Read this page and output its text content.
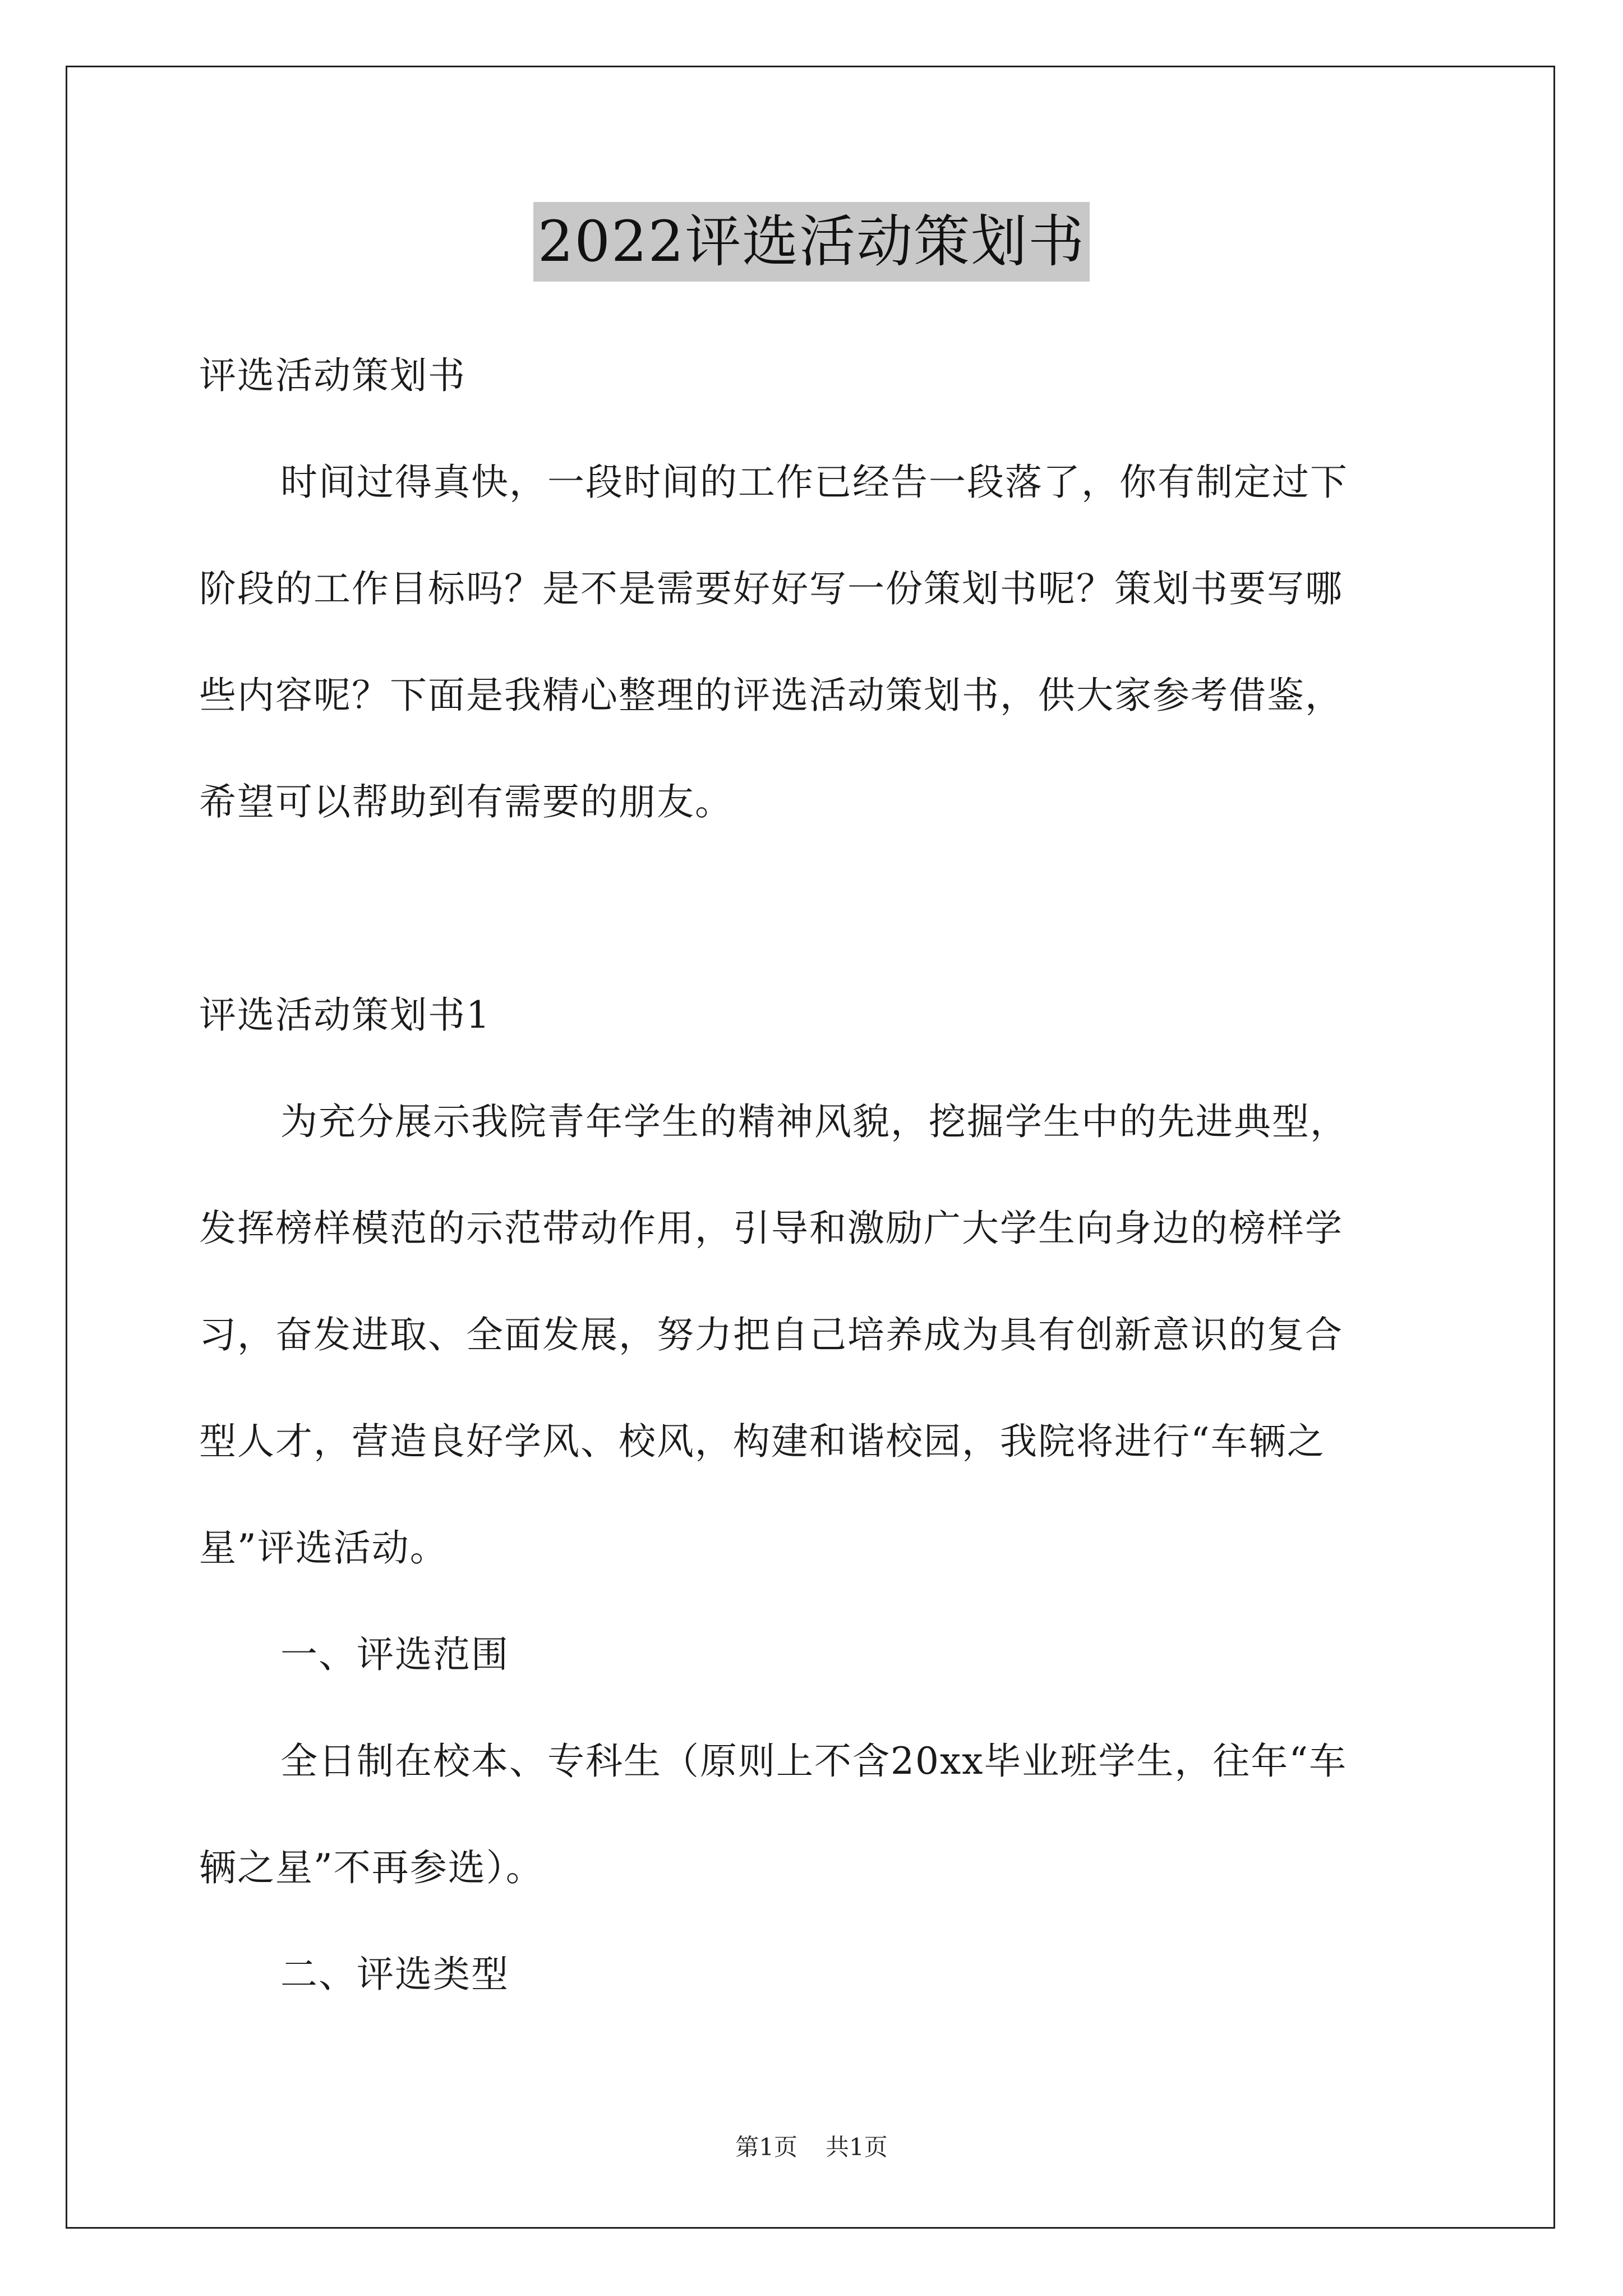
2022评选活动策划书
评选活动策划书
时间过得真快，一段时间的工作已经告一段落了，你有制定过下
阶段的工作目标吗？是不是需要好好写一份策划书呢？策划书要写哪
些内容呢？下面是我精心整理的评选活动策划书，供大家参考借鉴，
希望可以帮助到有需要的朋友。
评选活动策划书1
为充分展示我院青年学生的精神风貌，挖掘学生中的先进典型，
发挥榜样模范的示范带动作用，引导和激励广大学生向身边的榜样学
习，奋发进取、全面发展，努力把自己培养成为具有创新意识的复合
型人才，营造良好学风、校风，构建和谐校园，我院将进行“车辆之
星”评选活动。
一、评选范围
全日制在校本、专科生（原则上不含20xx毕业班学生，往年“车
辆之星”不再参选）。
二、评选类型
第1页 共1页
